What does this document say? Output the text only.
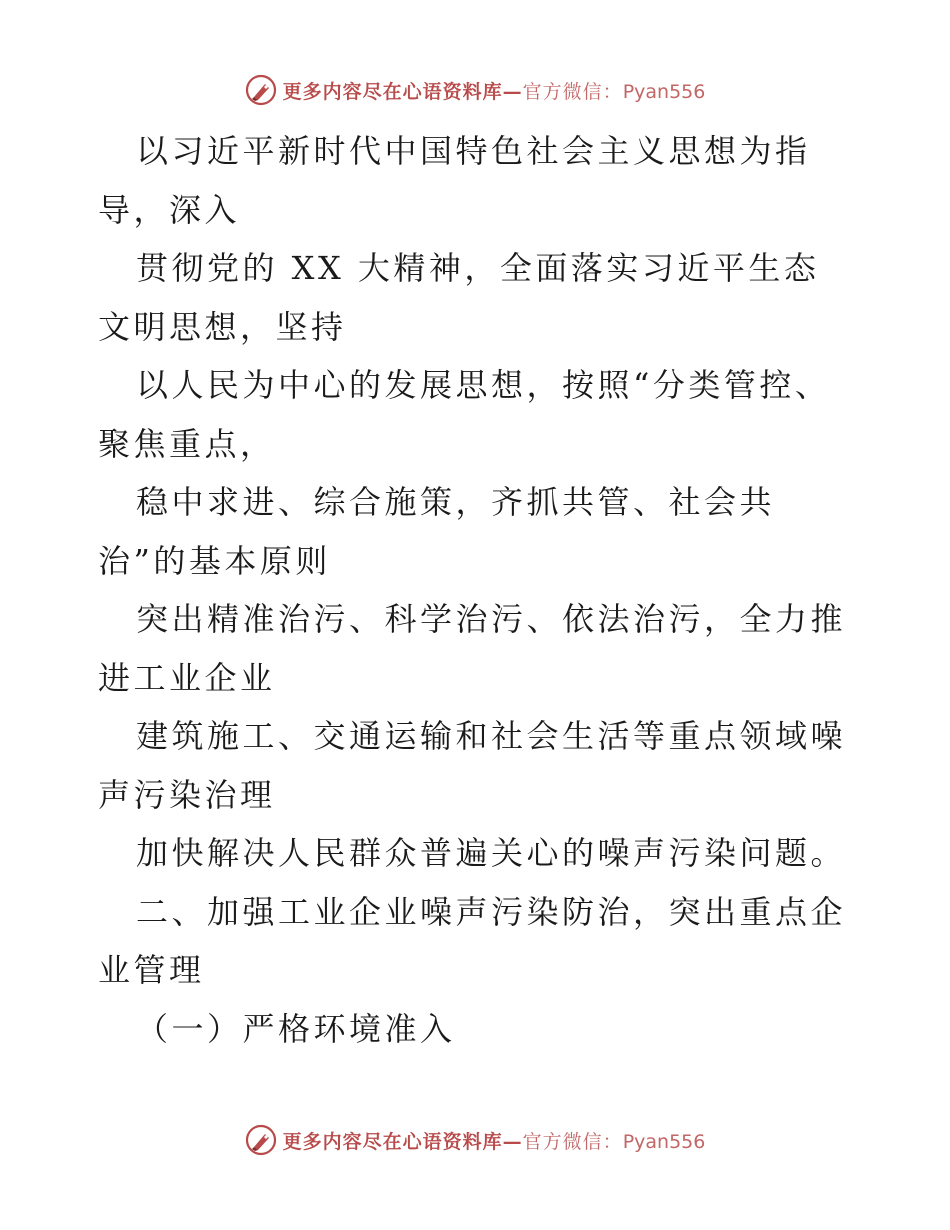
更多内容尽在心语资料库—官方微信：Pyan556

以习近平新时代中国特色社会主义思想为指导，深入

贯彻党的 XX 大精神，全面落实习近平生态文明思想，坚持

以人民为中心的发展思想，按照“分类管控、聚焦重点，

稳中求进、综合施策，齐抓共管、社会共治”的基本原则

突出精准治污、科学治污、依法治污，全力推进工业企业

建筑施工、交通运输和社会生活等重点领域噪声污染治理

加快解决人民群众普遍关心的噪声污染问题。

二、加强工业企业噪声污染防治，突出重点企业管理

（一）严格环境准入

更多内容尽在心语资料库—官方微信：Pyan556
